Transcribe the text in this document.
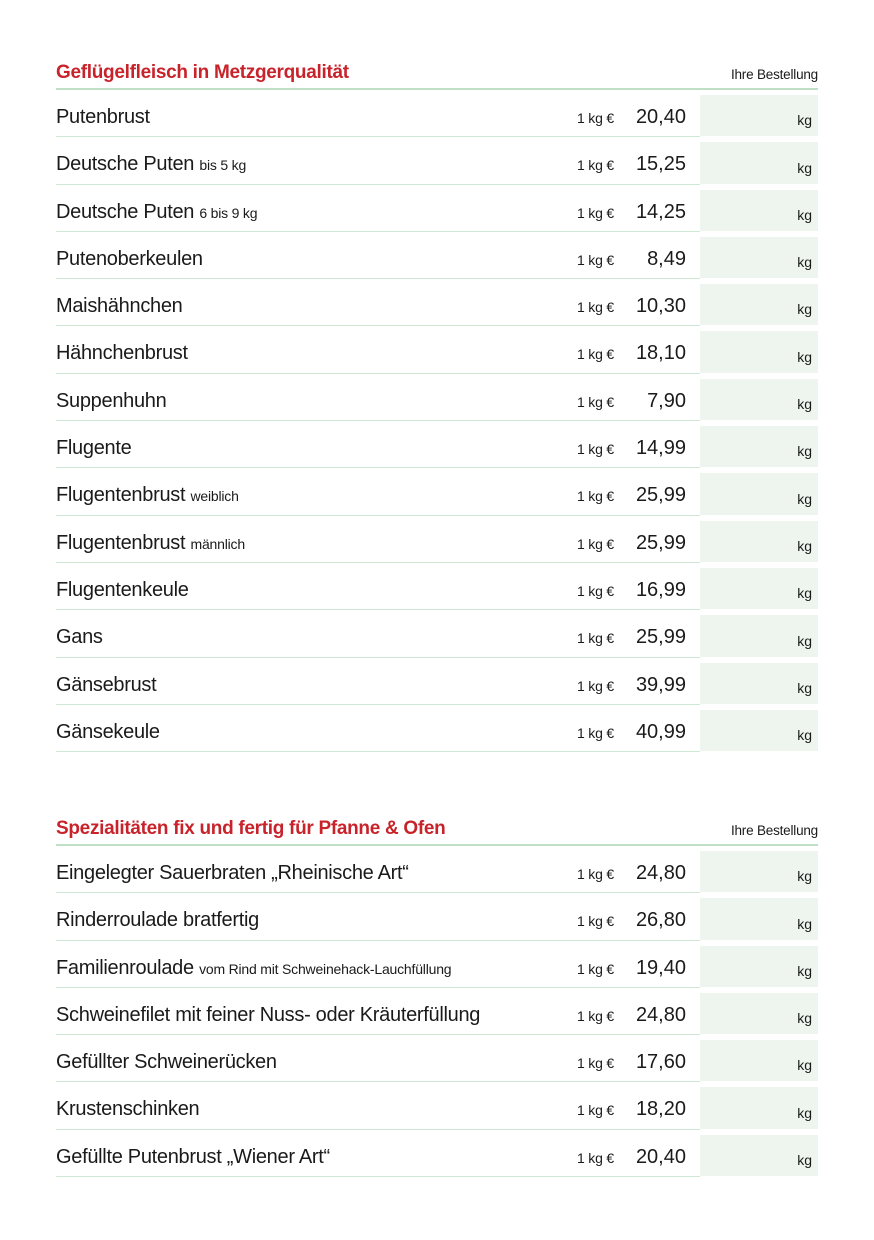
Geflügelfleisch in Metzgerqualität	Ihre Bestellung
Putenbrust	1 kg € 20,40	kg
Deutsche Puten bis 5 kg	1 kg € 15,25	kg
Deutsche Puten 6 bis 9 kg	1 kg € 14,25	kg
Putenoberkeulen	1 kg € 8,49	kg
Maishähnchen	1 kg € 10,30	kg
Hähnchenbrust	1 kg € 18,10	kg
Suppenhuhn	1 kg € 7,90	kg
Flugente	1 kg € 14,99	kg
Flugentenbrust weiblich	1 kg € 25,99	kg
Flugentenbrust männlich	1 kg € 25,99	kg
Flugentenkeule	1 kg € 16,99	kg
Gans	1 kg € 25,99	kg
Gänsebrust	1 kg € 39,99	kg
Gänsekeule	1 kg € 40,99	kg
Spezialitäten fix und fertig für Pfanne & Ofen	Ihre Bestellung
Eingelegter Sauerbraten „Rheinische Art“	1 kg € 24,80	kg
Rinderroulade bratfertig	1 kg € 26,80	kg
Familienroulade vom Rind mit Schweinehack-Lauchfüllung	1 kg € 19,40	kg
Schweinefilet mit feiner Nuss- oder Kräuterfüllung	1 kg € 24,80	kg
Gefüllter Schweinerücken	1 kg € 17,60	kg
Krustenschinken	1 kg € 18,20	kg
Gefüllte Putenbrust „Wiener Art“	1 kg € 20,40	kg
